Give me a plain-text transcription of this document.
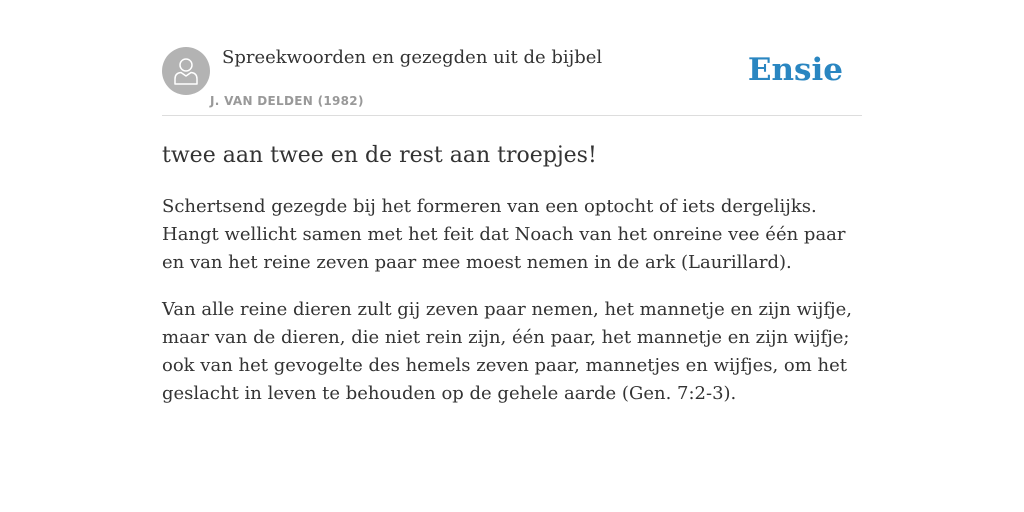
Spreekwoorden en gezegden uit de bijbel
J. VAN DELDEN (1982)
Ensie
twee aan twee en de rest aan troepjes!

Schertsend gezegde bij het formeren van een optocht of iets dergelijks. Hangt wellicht samen met het feit dat Noach van het onreine vee één paar en van het reine zeven paar mee moest nemen in de ark (Laurillard).

Van alle reine dieren zult gij zeven paar nemen, het mannetje en zijn wijfje, maar van de dieren, die niet rein zijn, één paar, het mannetje en zijn wijfje; ook van het gevogelte des hemels zeven paar, mannetjes en wijfjes, om het geslacht in leven te behouden op de gehele aarde (Gen. 7:2-3).
